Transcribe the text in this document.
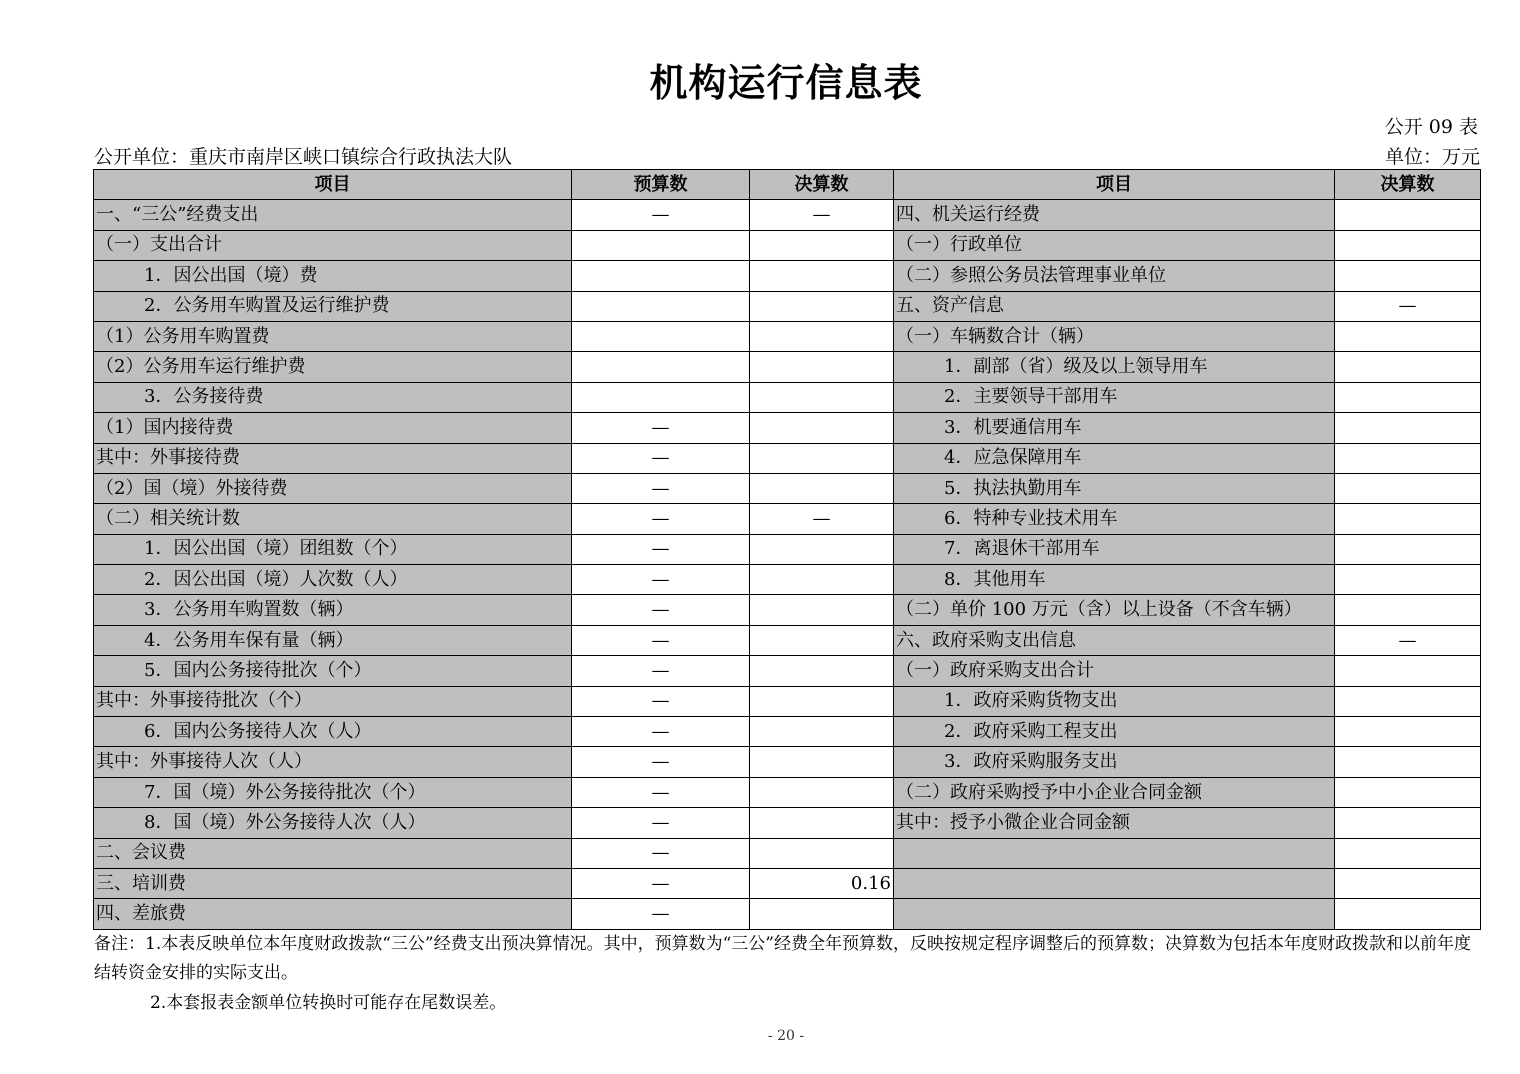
机构运行信息表
公开 09 表
公开单位：重庆市南岸区峡口镇综合行政执法大队	单位：万元
项目	预算数	决算数	项目	决算数
一、“三公”经费支出	—	—	四、机关运行经费	
（一）支出合计			（一）行政单位	
1．因公出国（境）费			（二）参照公务员法管理事业单位	
2．公务用车购置及运行维护费			五、资产信息	—
（1）公务用车购置费			（一）车辆数合计（辆）	
（2）公务用车运行维护费			1．副部（省）级及以上领导用车	
3．公务接待费			2．主要领导干部用车	
（1）国内接待费	—		3．机要通信用车	
其中：外事接待费	—		4．应急保障用车	
（2）国（境）外接待费	—		5．执法执勤用车	
（二）相关统计数	—	—	6．特种专业技术用车	
1．因公出国（境）团组数（个）	—		7．离退休干部用车	
2．因公出国（境）人次数（人）	—		8．其他用车	
3．公务用车购置数（辆）	—		（二）单价 100 万元（含）以上设备（不含车辆）	
4．公务用车保有量（辆）	—		六、政府采购支出信息	—
5．国内公务接待批次（个）	—		（一）政府采购支出合计	
其中：外事接待批次（个）	—		1．政府采购货物支出	
6．国内公务接待人次（人）	—		2．政府采购工程支出	
其中：外事接待人次（人）	—		3．政府采购服务支出	
7．国（境）外公务接待批次（个）	—		（二）政府采购授予中小企业合同金额	
8．国（境）外公务接待人次（人）	—		其中：授予小微企业合同金额	
二、会议费	—			
三、培训费	—	0.16		
四、差旅费	—			
备注：1.本表反映单位本年度财政拨款“三公”经费支出预决算情况。其中，预算数为“三公”经费全年预算数，反映按规定程序调整后的预算数；决算数为包括本年度财政拨款和以前年度结转资金安排的实际支出。
2.本套报表金额单位转换时可能存在尾数误差。
- 20 -
